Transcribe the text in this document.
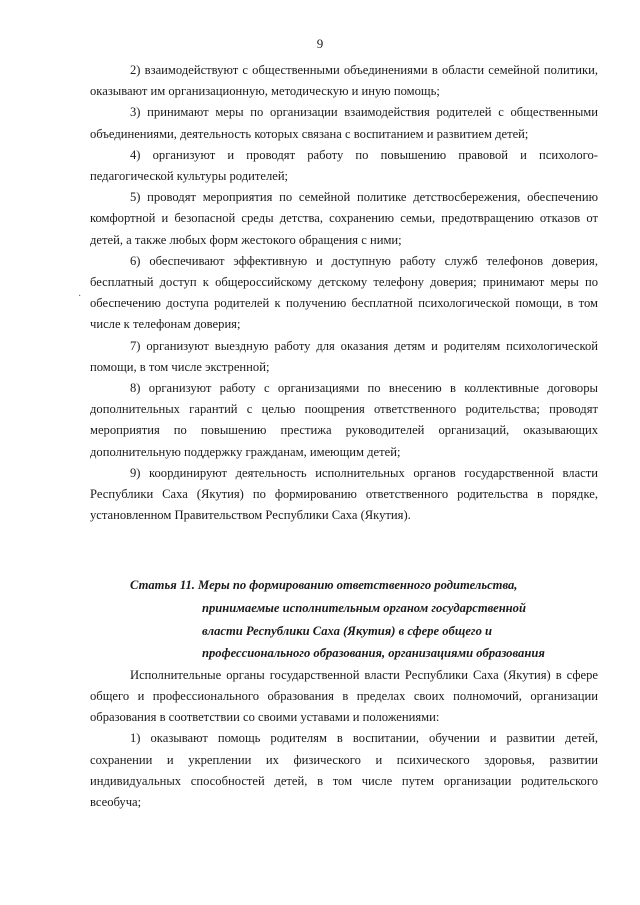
9
·

2) взаимодействуют с общественными объединениями в области семейной политики, оказывают им организационную, методическую и иную помощь;

3) принимают меры по организации взаимодействия родителей с общественными объединениями, деятельность которых связана с воспитанием и развитием детей;

4) организуют и проводят работу по повышению правовой и психолого-педагогической культуры родителей;

5) проводят мероприятия по семейной политике детствосбережения, обеспечению комфортной и безопасной среды детства, сохранению семьи, предотвращению отказов от детей, а также любых форм жестокого обращения с ними;

6) обеспечивают эффективную и доступную работу служб телефонов доверия, бесплатный доступ к общероссийскому детскому телефону доверия; принимают меры по обеспечению доступа родителей к получению бесплатной психологической помощи, в том числе к телефонам доверия;

7) организуют выездную работу для оказания детям и родителям психологической помощи, в том числе экстренной;

8) организуют работу с организациями по внесению в коллективные договоры дополнительных гарантий с целью поощрения ответственного родительства; проводят мероприятия по повышению престижа руководителей организаций, оказывающих дополнительную поддержку гражданам, имеющим детей;

9) координируют деятельность исполнительных органов государственной власти Республики Саха (Якутия) по формированию ответственного родительства в порядке, установленном Правительством Республики Саха (Якутия).

Статья 11. Меры по формированию ответственного родительства,
принимаемые исполнительным органом государственной
власти Республики Саха (Якутия) в сфере общего и
профессионального образования, организациями образования

Исполнительные органы государственной власти Республики Саха (Якутия) в сфере общего и профессионального образования в пределах своих полномочий, организации образования в соответствии со своими уставами и положениями:

1) оказывают помощь родителям в воспитании, обучении и развитии детей, сохранении и укреплении их физического и психического здоровья, развитии индивидуальных способностей детей, в том числе путем организации родительского всеобуча;
